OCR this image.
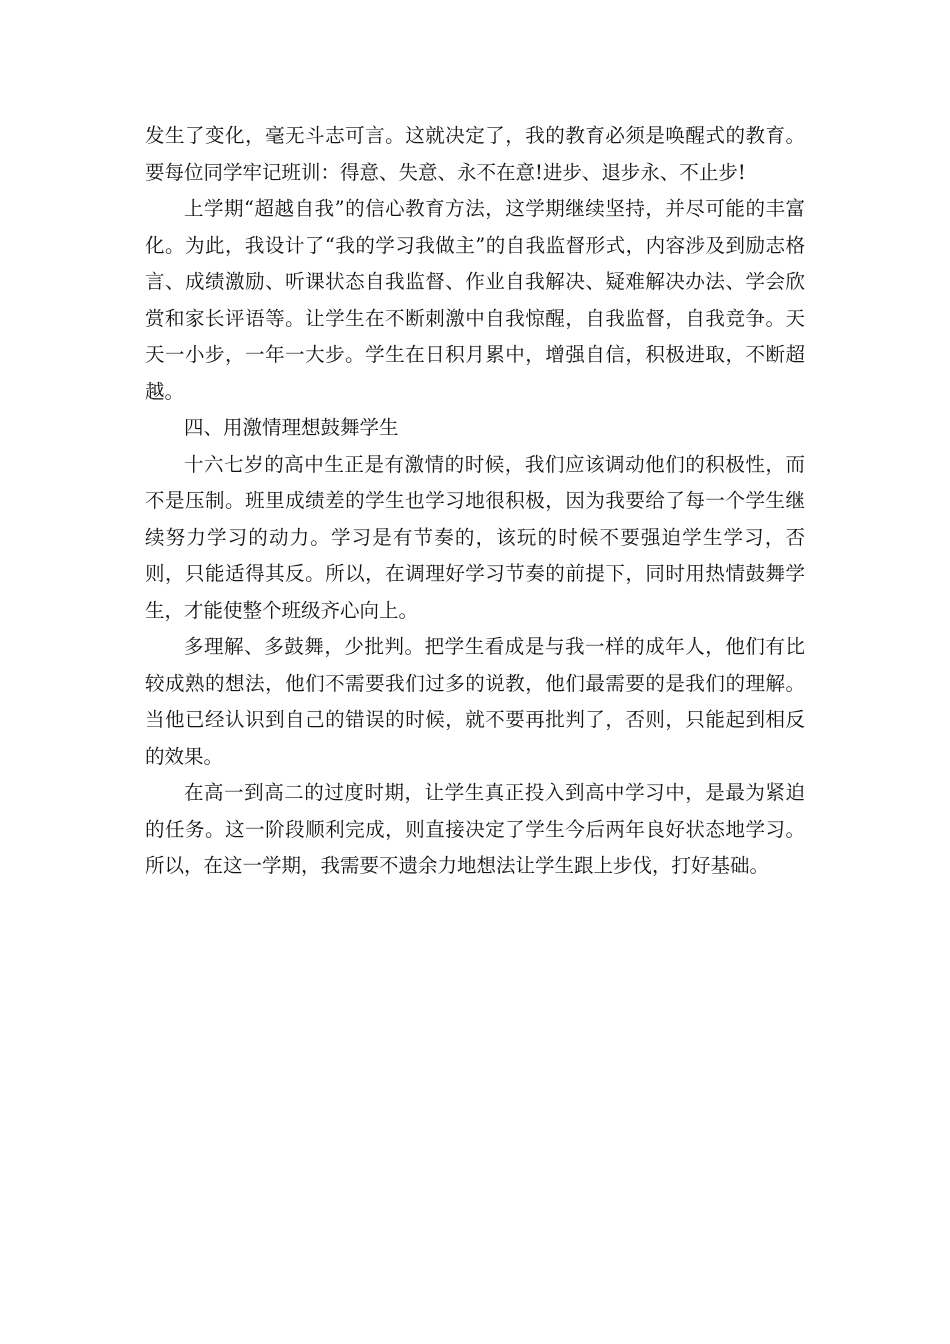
发生了变化，毫无斗志可言。这就决定了，我的教育必须是唤醒式的教育。要每位同学牢记班训：得意、失意、永不在意!进步、退步永、不止步!

上学期“超越自我”的信心教育方法，这学期继续坚持，并尽可能的丰富化。为此，我设计了“我的学习我做主”的自我监督形式，内容涉及到励志格言、成绩激励、听课状态自我监督、作业自我解决、疑难解决办法、学会欣赏和家长评语等。让学生在不断刺激中自我惊醒，自我监督，自我竞争。天天一小步，一年一大步。学生在日积月累中，增强自信，积极进取，不断超越。

四、用激情理想鼓舞学生

十六七岁的高中生正是有激情的时候，我们应该调动他们的积极性，而不是压制。班里成绩差的学生也学习地很积极，因为我要给了每一个学生继续努力学习的动力。学习是有节奏的，该玩的时候不要强迫学生学习，否则，只能适得其反。所以，在调理好学习节奏的前提下，同时用热情鼓舞学生，才能使整个班级齐心向上。

多理解、多鼓舞，少批判。把学生看成是与我一样的成年人，他们有比较成熟的想法，他们不需要我们过多的说教，他们最需要的是我们的理解。当他已经认识到自己的错误的时候，就不要再批判了，否则，只能起到相反的效果。

在高一到高二的过度时期，让学生真正投入到高中学习中，是最为紧迫的任务。这一阶段顺利完成，则直接决定了学生今后两年良好状态地学习。所以，在这一学期，我需要不遗余力地想法让学生跟上步伐，打好基础。
